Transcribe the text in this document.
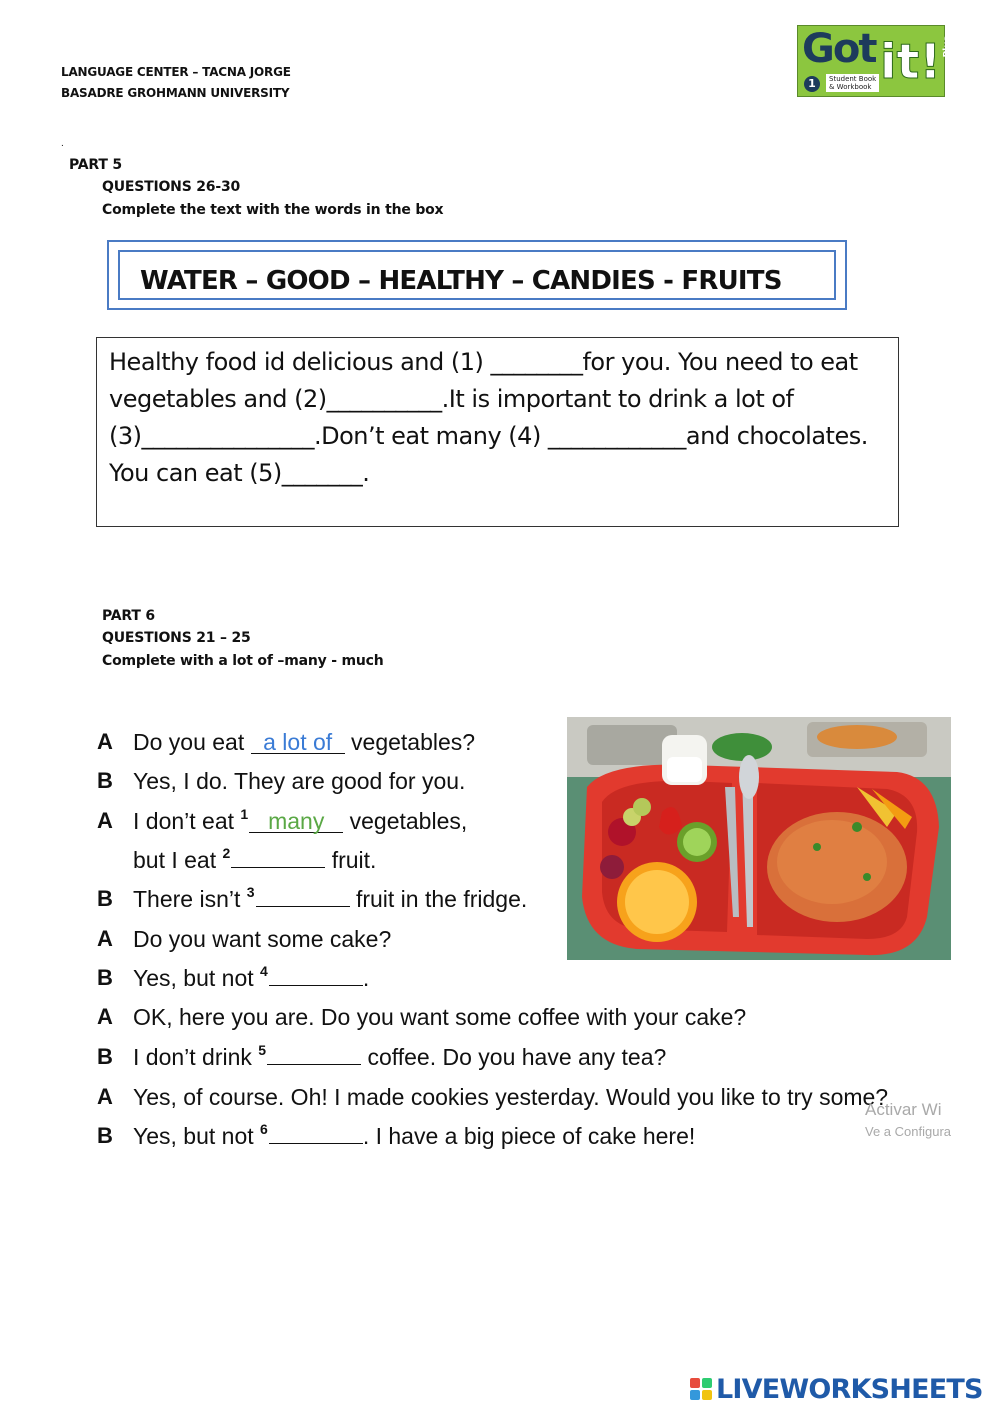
LANGUAGE CENTER – TACNA JORGE
BASADRE GROHMANN UNIVERSITY
Got it! Plus
1	Student Book
& Workbook
.
PART 5
QUESTIONS 26-30
Complete the text with the words in the box
WATER – GOOD – HEALTHY – CANDIES - FRUITS
Healthy food id delicious and (1) ________for you. You need to eat vegetables and (2)__________.It is important to drink a lot of (3)_______________.Don’t eat many (4) ____________and chocolates. You can eat (5)_______.
PART 6
QUESTIONS 21 – 25
Complete with a lot of –many - much
A Do you eat a lot of vegetables?
B Yes, I do. They are good for you.
A I don’t eat $^1$ many vegetables,
but I eat $^2$	fruit.
B There isn’t $^3$	fruit in the fridge.
A Do you want some cake?
B Yes, but not $^4$	.
A OK, here you are. Do you want some coffee with your cake?
B I don’t drink $^5$	coffee. Do you have any tea?
A Yes, of course. Oh! I made cookies yesterday. Would you like to try some?
B Yes, but not $^6$	. I have a big piece of cake here!
Activar Wi
Ve a Configura
LIVEWORKSHEETS
